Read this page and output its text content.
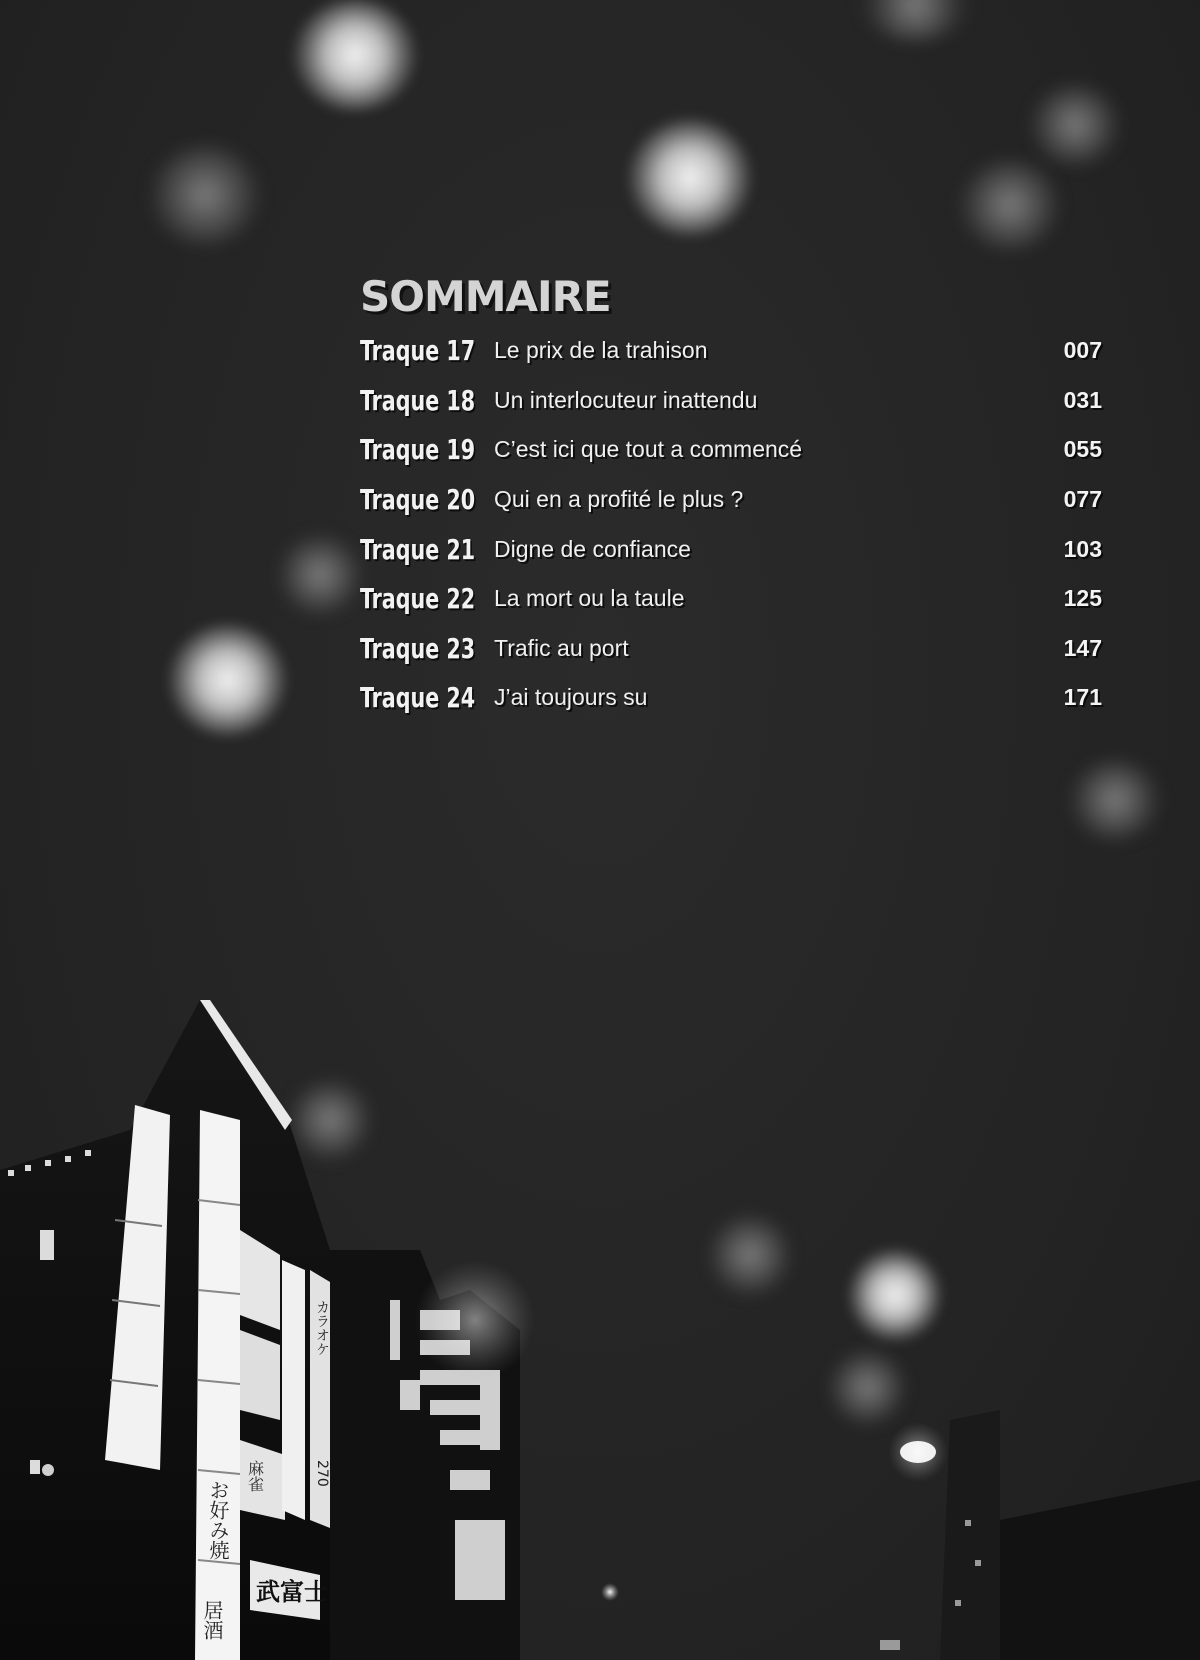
SOMMAIRE
Traque 17 Le prix de la trahison	007
Traque 18 Un interlocuteur inattendu	031
Traque 19 C’est ici que tout a commencé	055
Traque 20 Qui en a profité le plus ?	077
Traque 21 Digne de confiance	103
Traque 22 La mort ou la taule	125
Traque 23 Trafic au port	147
Traque 24 J’ai toujours su	171
お好み焼
居酒
麻雀
カラオケ
270
武富士
